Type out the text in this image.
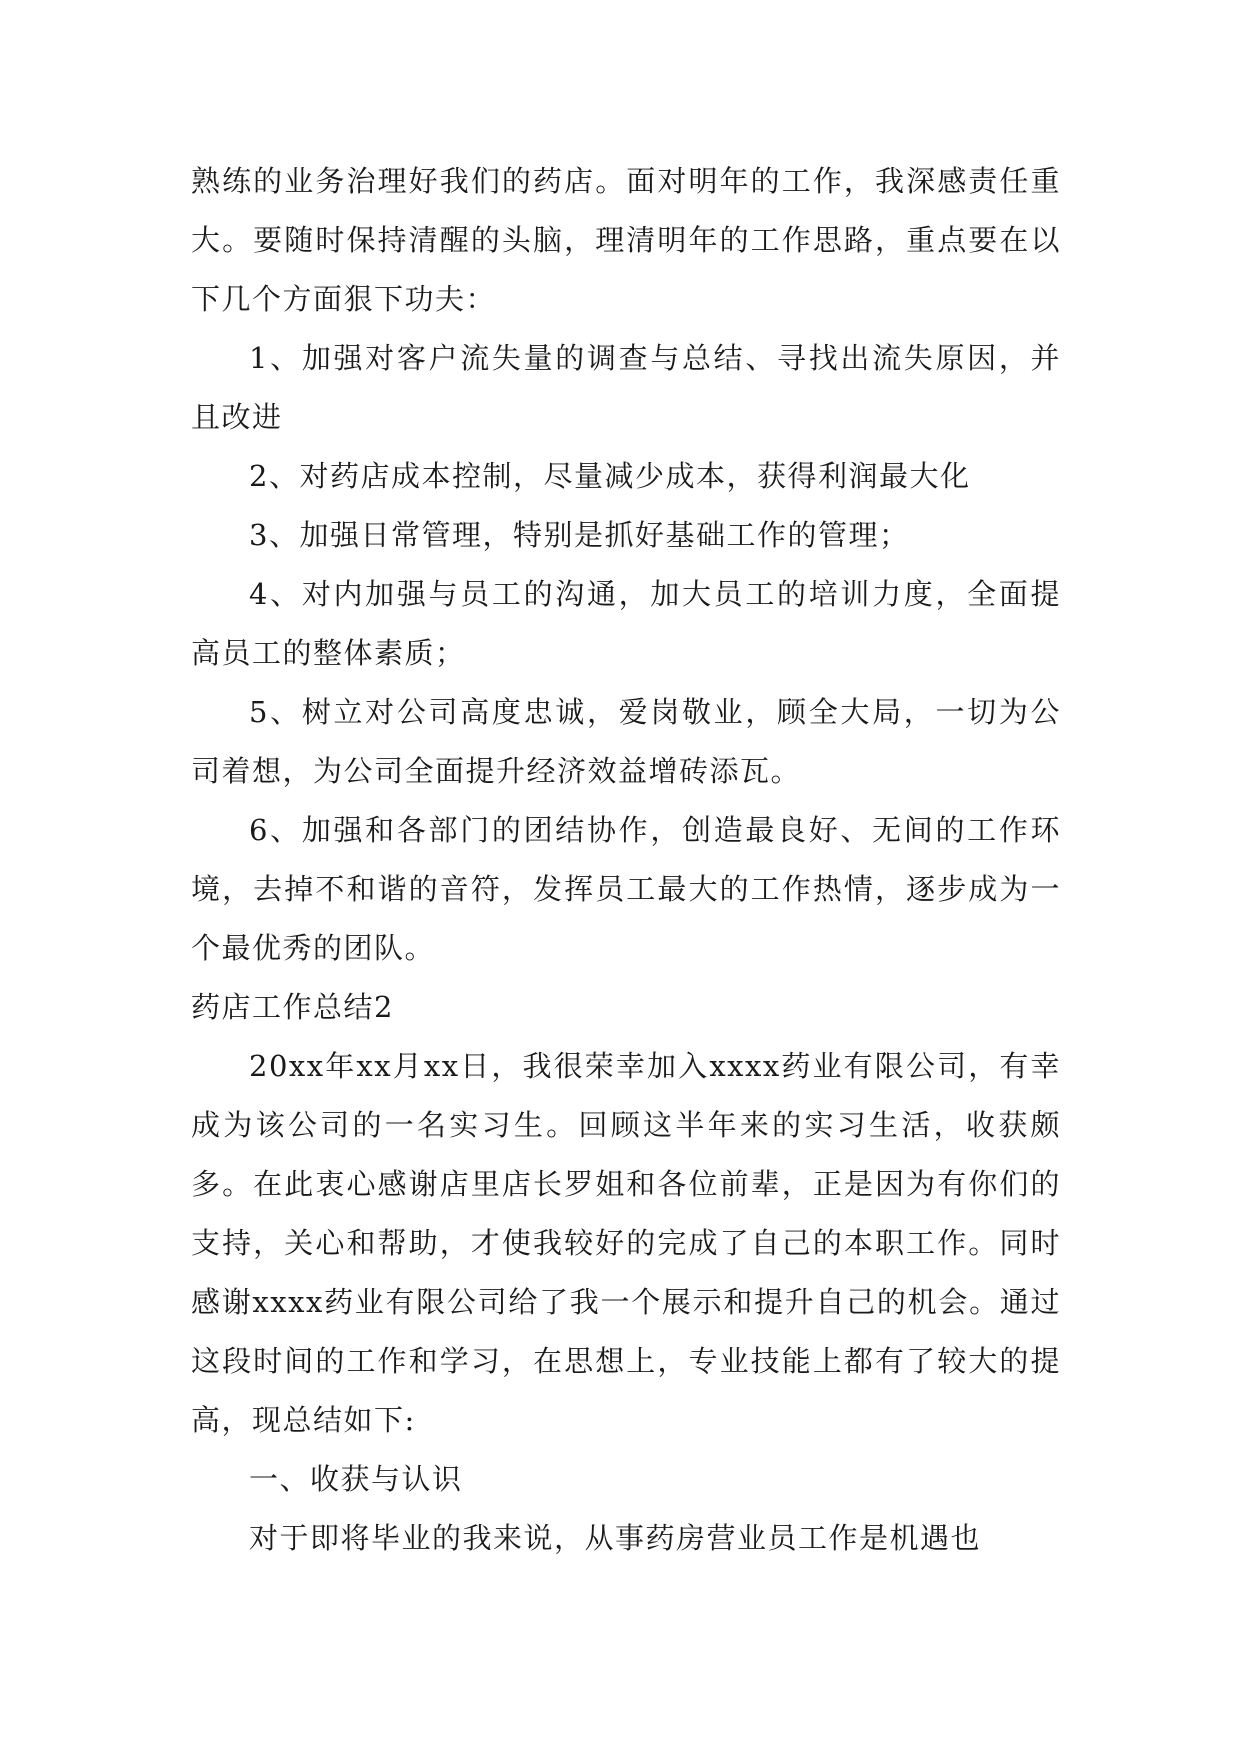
熟练的业务治理好我们的药店。面对明年的工作，我深感责任重大。要随时保持清醒的头脑，理清明年的工作思路，重点要在以下几个方面狠下功夫：

1、加强对客户流失量的调查与总结、寻找出流失原因，并且改进

2、对药店成本控制，尽量减少成本，获得利润最大化

3、加强日常管理，特别是抓好基础工作的管理；

4、对内加强与员工的沟通，加大员工的培训力度，全面提高员工的整体素质；

5、树立对公司高度忠诚，爱岗敬业，顾全大局，一切为公司着想，为公司全面提升经济效益增砖添瓦。

6、加强和各部门的团结协作，创造最良好、无间的工作环境，去掉不和谐的音符，发挥员工最大的工作热情，逐步成为一个最优秀的团队。

药店工作总结2

20xx年xx月xx日，我很荣幸加入xxxx药业有限公司，有幸成为该公司的一名实习生。回顾这半年来的实习生活，收获颇多。在此衷心感谢店里店长罗姐和各位前辈，正是因为有你们的支持，关心和帮助，才使我较好的完成了自己的本职工作。同时感谢xxxx药业有限公司给了我一个展示和提升自己的机会。通过这段时间的工作和学习，在思想上，专业技能上都有了较大的提高，现总结如下:

一、收获与认识

对于即将毕业的我来说，从事药房营业员工作是机遇也
